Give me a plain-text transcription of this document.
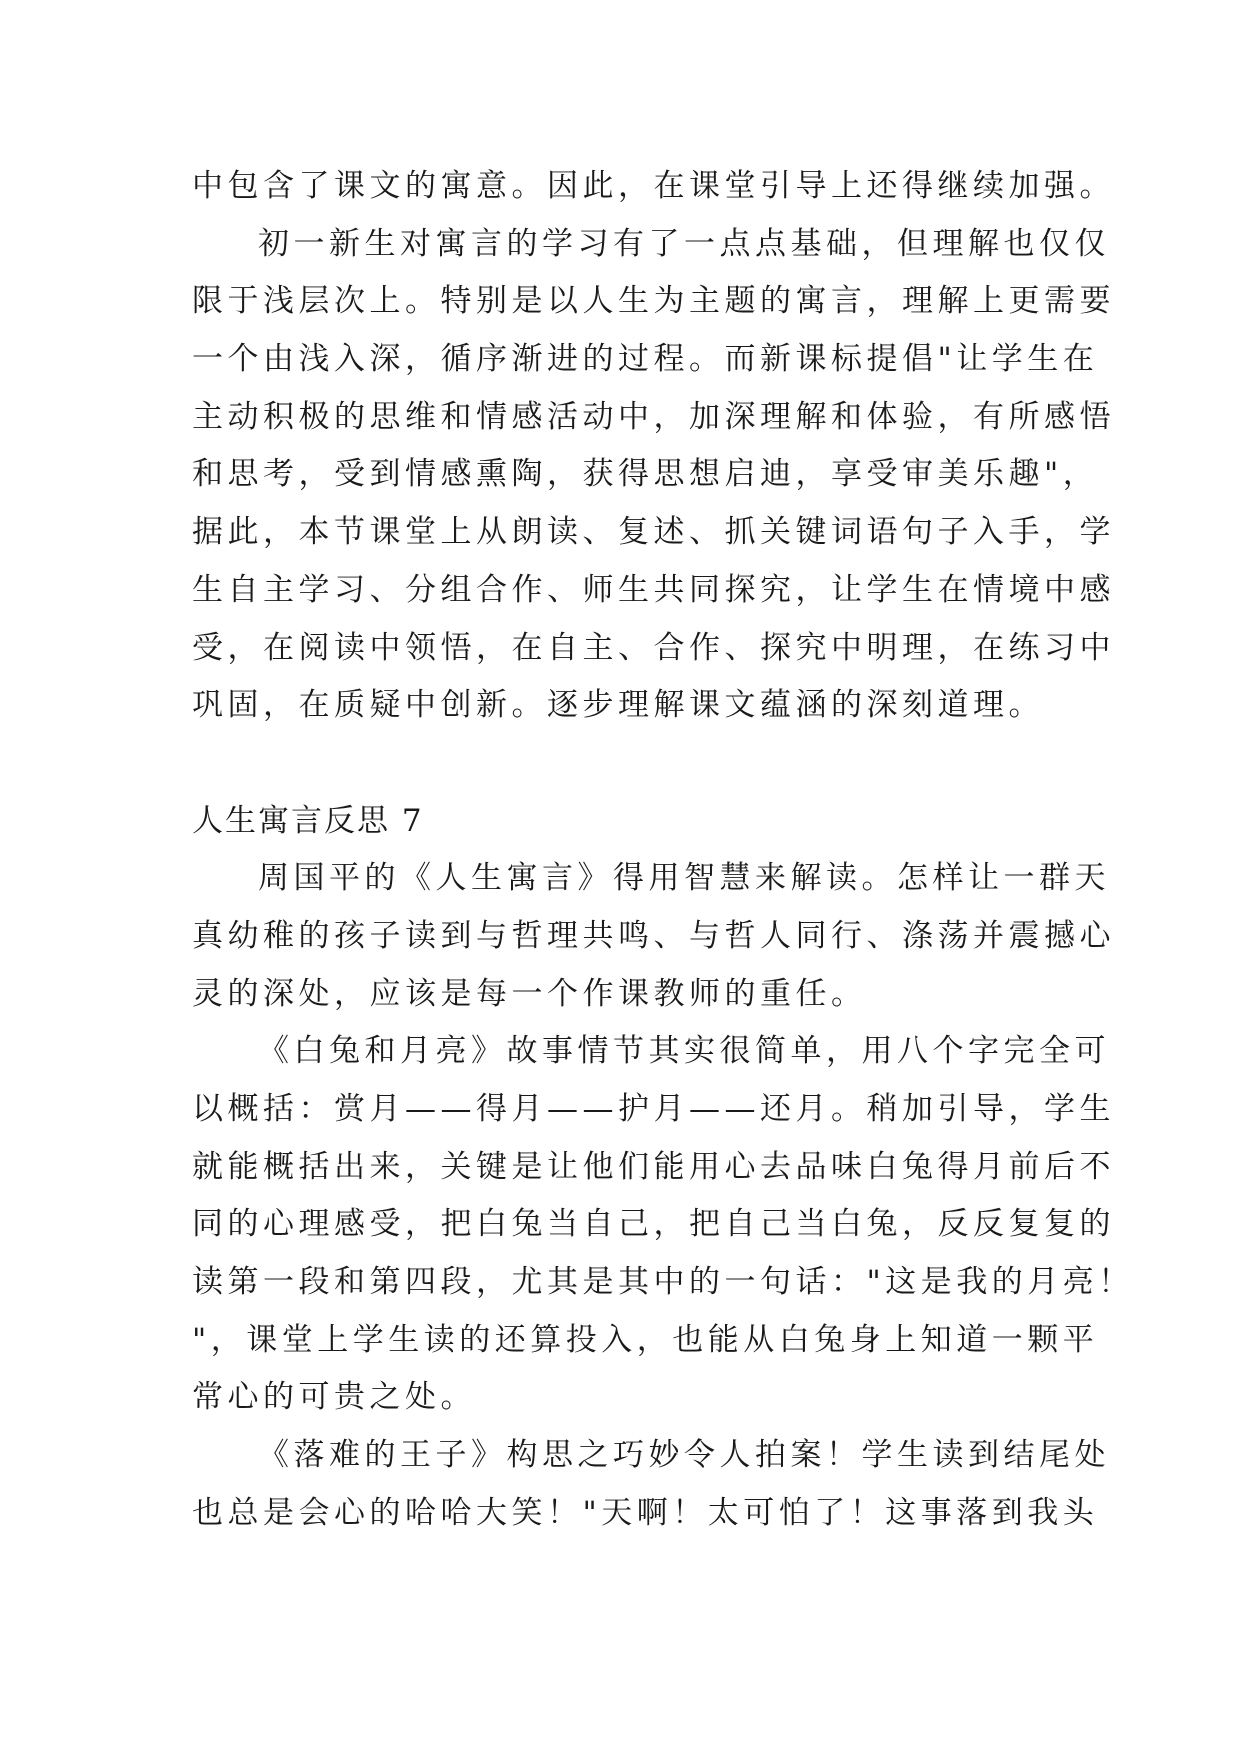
中包含了课文的寓意。因此，在课堂引导上还得继续加强。
初一新生对寓言的学习有了一点点基础，但理解也仅仅
限于浅层次上。特别是以人生为主题的寓言，理解上更需要
一个由浅入深，循序渐进的过程。而新课标提倡"让学生在
主动积极的思维和情感活动中，加深理解和体验，有所感悟
和思考，受到情感熏陶，获得思想启迪，享受审美乐趣"，
据此，本节课堂上从朗读、复述、抓关键词语句子入手，学
生自主学习、分组合作、师生共同探究，让学生在情境中感
受，在阅读中领悟，在自主、合作、探究中明理，在练习中
巩固，在质疑中创新。逐步理解课文蕴涵的深刻道理。
人生寓言反思 7
周国平的《人生寓言》得用智慧来解读。怎样让一群天
真幼稚的孩子读到与哲理共鸣、与哲人同行、涤荡并震撼心
灵的深处，应该是每一个作课教师的重任。
《白兔和月亮》故事情节其实很简单，用八个字完全可
以概括：赏月——得月——护月——还月。稍加引导，学生
就能概括出来，关键是让他们能用心去品味白兔得月前后不
同的心理感受，把白兔当自己，把自己当白兔，反反复复的
读第一段和第四段，尤其是其中的一句话："这是我的月亮！
"，课堂上学生读的还算投入，也能从白兔身上知道一颗平
常心的可贵之处。
《落难的王子》构思之巧妙令人拍案！学生读到结尾处
也总是会心的哈哈大笑！"天啊！太可怕了！这事落到我头
